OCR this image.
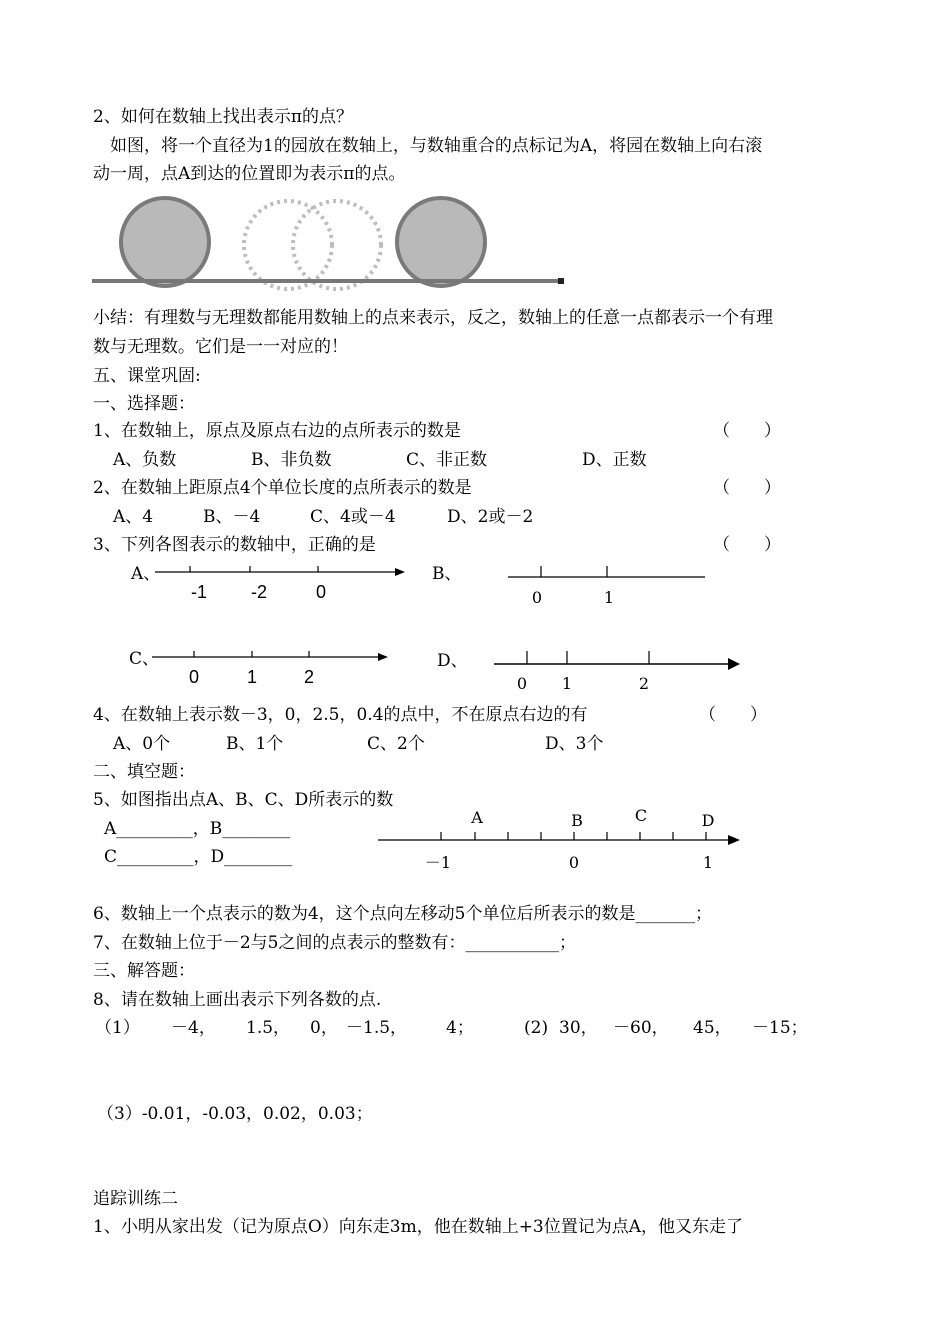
2、如何在数轴上找出表示π的点？
如图，将一个直径为1的园放在数轴上，与数轴重合的点标记为A，将园在数轴上向右滚
动一周，点A到达的位置即为表示π的点。
小结：有理数与无理数都能用数轴上的点来表示，反之，数轴上的任意一点都表示一个有理
数与无理数。它们是一一对应的！
五、课堂巩固:
一、选择题：
1、在数轴上，原点及原点右边的点所表示的数是	（　　）
A、负数	B、非负数	C、非正数	D、正数
2、在数轴上距原点4个单位长度的点所表示的数是	（　　）
A、4	B、－4	C、4或－4	D、2或－2
3、下列各图表示的数轴中，正确的是	（　　）
A、
-1 -2	0
B、
0	1
C、
0	1	2
D、
0 1	2
4、在数轴上表示数－3，0，2.5，0.4的点中，不在原点右边的有	（　　）
A、0个	B、1个	C、2个	D、3个
二、填空题：
5、如图指出点A、B、C、D所表示的数
A_________，B________
C_________，D________
A	B	C	D
－1	0	1
6、数轴上一个点表示的数为4，这个点向左移动5个单位后所表示的数是_______；
7、在数轴上位于－2与5之间的点表示的整数有：___________；
三、解答题：
8、请在数轴上画出表示下列各数的点.
（1） －4， 1.5， 0， －1.5， 4；	(2) 30， －60， 45， －15；
（3）-0.01，-0.03，0.02，0.03；
追踪训练二
1、小明从家出发（记为原点O）向东走3m，他在数轴上+3位置记为点A，他又东走了
